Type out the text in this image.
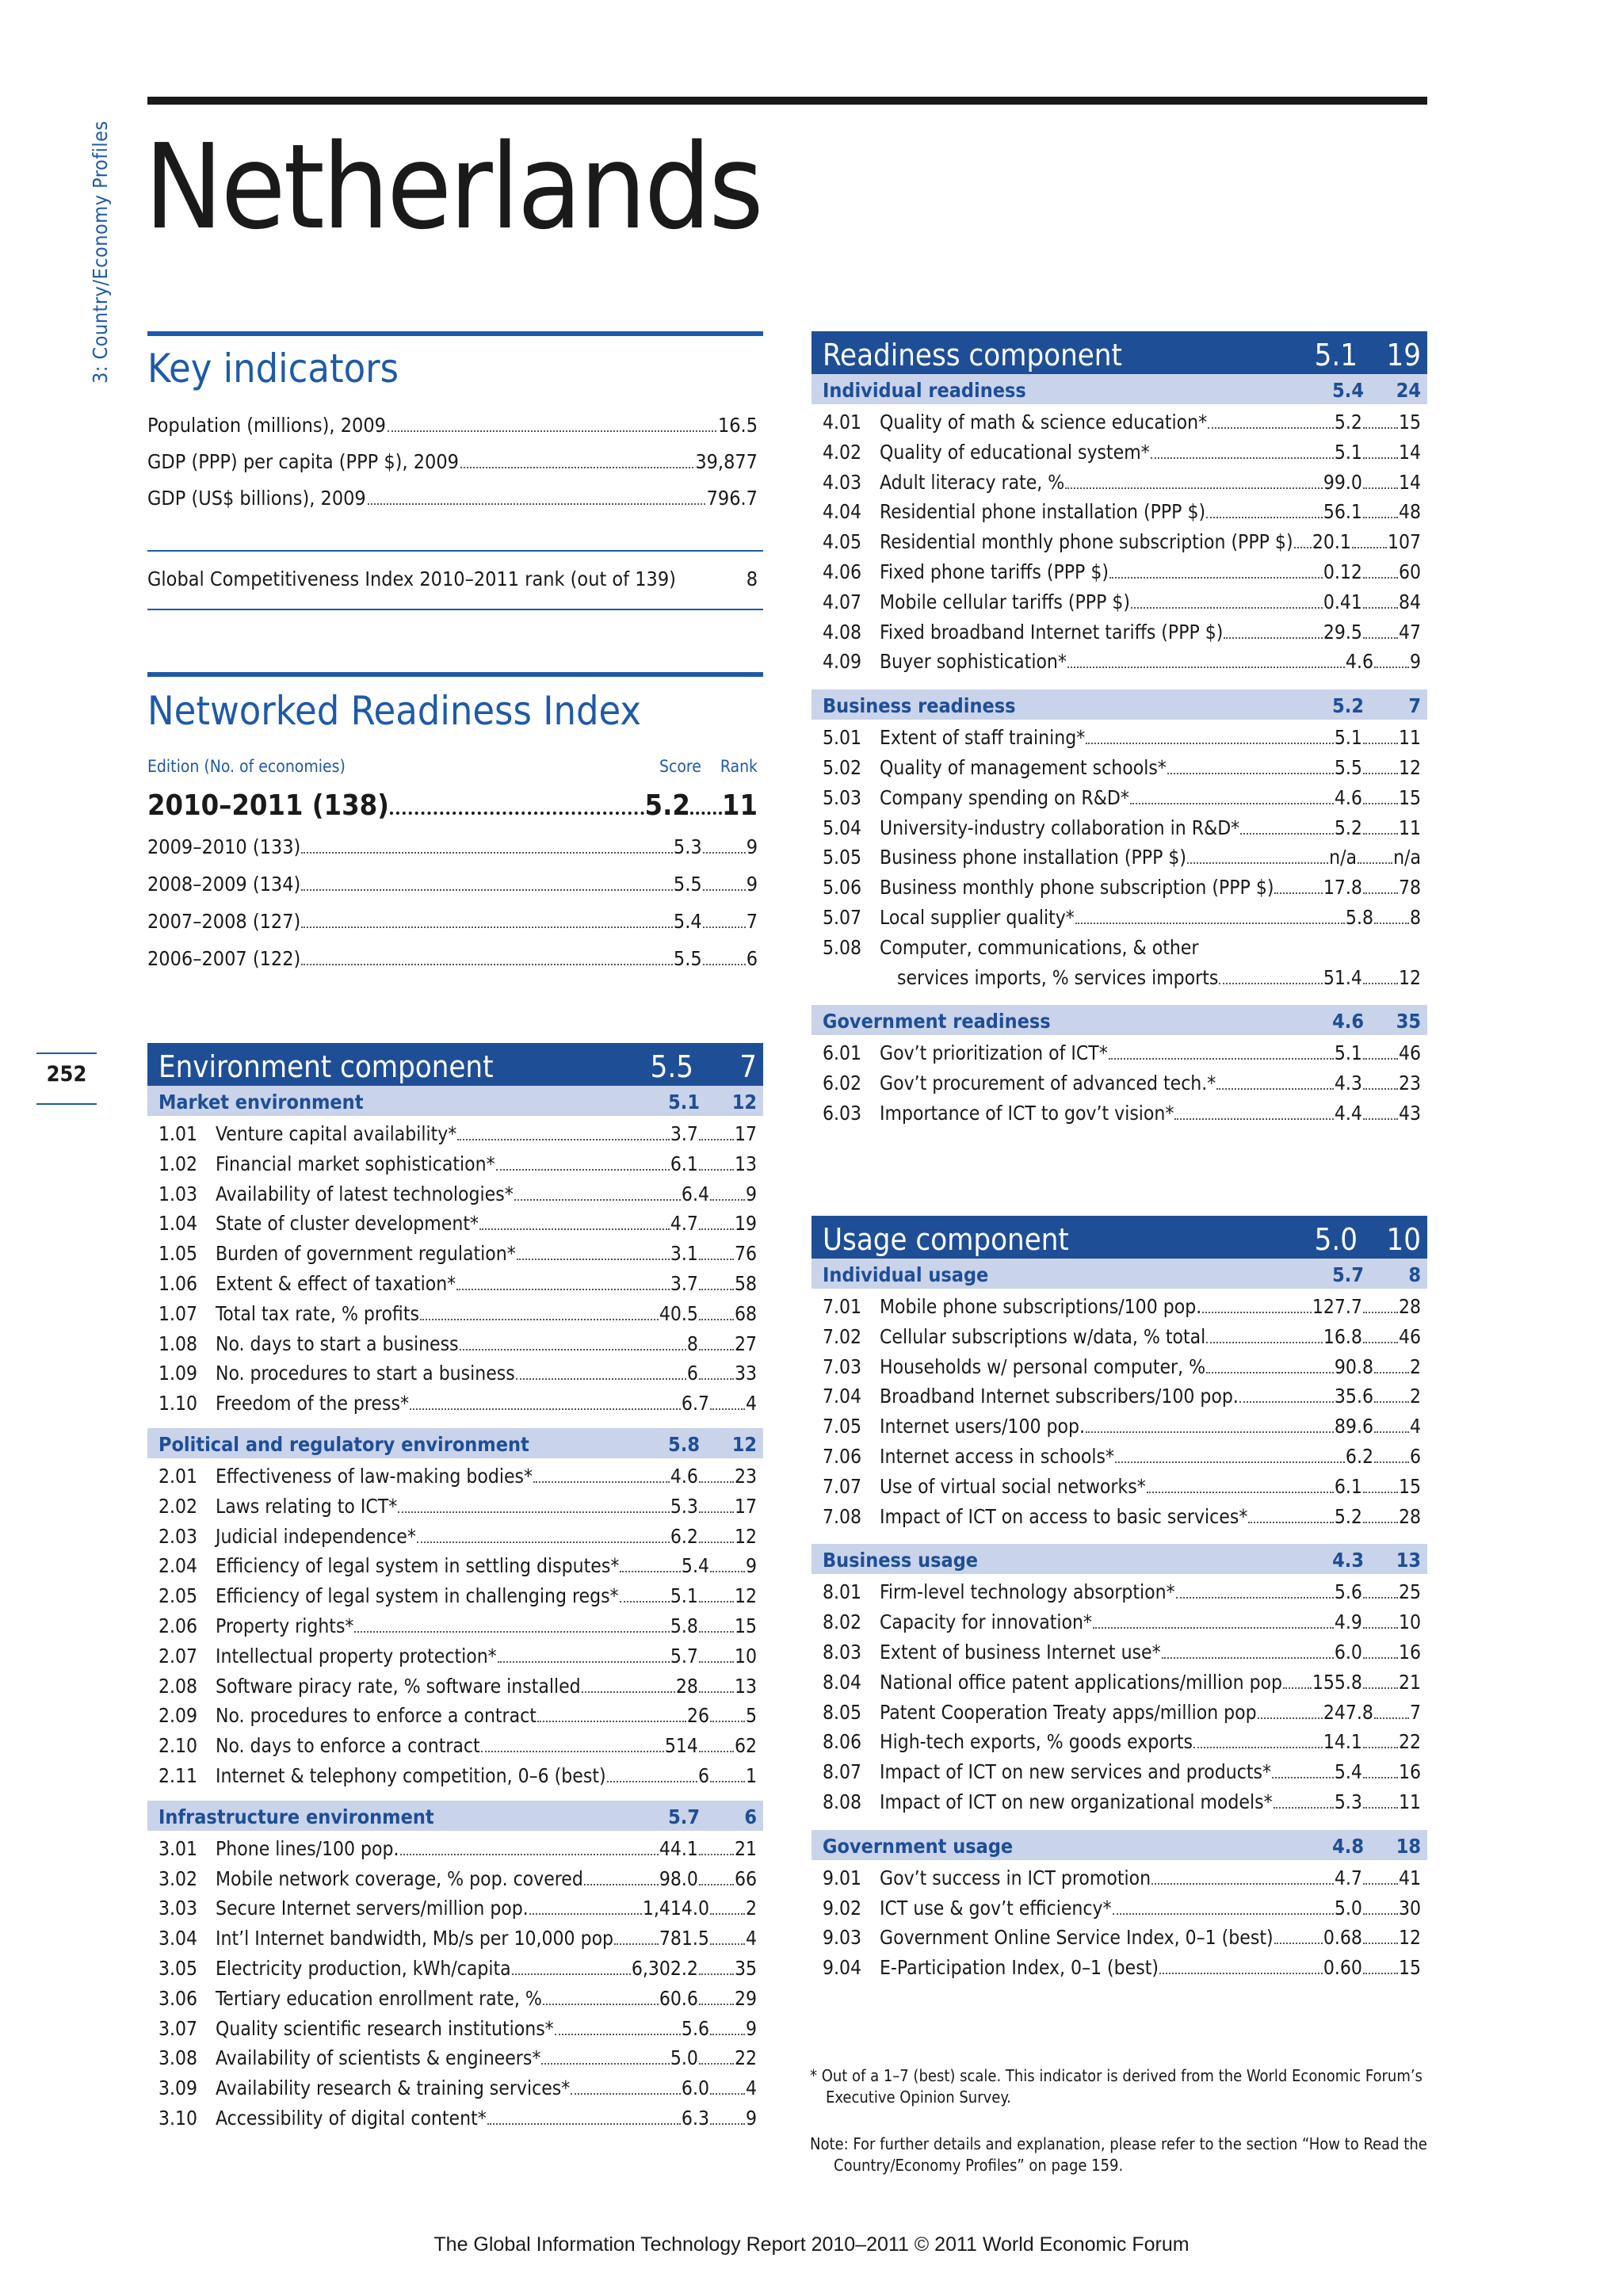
3: Country/Economy Profiles
252
Netherlands
Key indicators
Population (millions), 2009	16.5
GDP (PPP) per capita (PPP $), 2009	39,877
GDP (US$ billions), 2009	796.7
Global Competitiveness Index 2010–2011 rank (out of 139)	8
Networked Readiness Index
Edition (No. of economies)	Score Rank
2010–2011 (138)	5.2 11
2009–2010 (133)	5.3 9
2008–2009 (134)	5.5 9
2007–2008 (127)	5.4 7
2006–2007 (122)	5.5 6
Environment component	5.5 7
Market environment	5.1 12
1.01 Venture capital availability*	3.7 17
1.02 Financial market sophistication*	6.1 13
1.03 Availability of latest technologies*	6.4 9
1.04 State of cluster development*	4.7 19
1.05 Burden of government regulation*	3.1 76
1.06 Extent & effect of taxation*	3.7 58
1.07 Total tax rate, % profits	40.5 68
1.08 No. days to start a business	8 27
1.09 No. procedures to start a business	6 33
1.10 Freedom of the press*	6.7 4
Political and regulatory environment	5.8 12
2.01 Effectiveness of law-making bodies*	4.6 23
2.02 Laws relating to ICT*	5.3 17
2.03 Judicial independence*	6.2 12
2.04 Efficiency of legal system in settling disputes*	5.4 9
2.05 Efficiency of legal system in challenging regs*	5.1 12
2.06 Property rights*	5.8 15
2.07 Intellectual property protection*	5.7 10
2.08 Software piracy rate, % software installed	28 13
2.09 No. procedures to enforce a contract	26 5
2.10 No. days to enforce a contract	514 62
2.11 Internet & telephony competition, 0–6 (best)	6 1
Infrastructure environment	5.7 6
3.01 Phone lines/100 pop.	44.1 21
3.02 Mobile network coverage, % pop. covered	98.0 66
3.03 Secure Internet servers/million pop.	1,414.0 2
3.04 Int’l Internet bandwidth, Mb/s per 10,000 pop 781.5 4
3.05 Electricity production, kWh/capita	6,302.2 35
3.06 Tertiary education enrollment rate, %	60.6 29
3.07 Quality scientific research institutions*	5.6 9
3.08 Availability of scientists & engineers*	5.0 22
3.09 Availability research & training services*	6.0 4
3.10 Accessibility of digital content*	6.3 9
Readiness component	5.1 19
Individual readiness	5.4 24
4.01 Quality of math & science education*	5.2 15
4.02 Quality of educational system*	5.1 14
4.03 Adult literacy rate, %	99.0 14
4.04 Residential phone installation (PPP $)	56.1 48
4.05 Residential monthly phone subscription (PPP $) 20.1 107
4.06 Fixed phone tariffs (PPP $)	0.12 60
4.07 Mobile cellular tariffs (PPP $)	0.41 84
4.08 Fixed broadband Internet tariffs (PPP $)	29.5 47
4.09 Buyer sophistication*	4.6 9
Business readiness	5.2 7
5.01 Extent of staff training*	5.1 11
5.02 Quality of management schools*	5.5 12
5.03 Company spending on R&D*	4.6 15
5.04 University-industry collaboration in R&D*	5.2 11
5.05 Business phone installation (PPP $)	n/a n/a
5.06 Business monthly phone subscription (PPP $)	17.8 78
5.07 Local supplier quality*	5.8 8
5.08 Computer, communications, & other
services imports, % services imports	51.4 12
Government readiness	4.6 35
6.01 Gov’t prioritization of ICT*	5.1 46
6.02 Gov’t procurement of advanced tech.*	4.3 23
6.03 Importance of ICT to gov’t vision*	4.4 43
Usage component	5.0 10
Individual usage	5.7 8
7.01 Mobile phone subscriptions/100 pop.	127.7 28
7.02 Cellular subscriptions w/data, % total	16.8 46
7.03 Households w/ personal computer, %	90.8 2
7.04 Broadband Internet subscribers/100 pop.	35.6 2
7.05 Internet users/100 pop.	89.6 4
7.06 Internet access in schools*	6.2 6
7.07 Use of virtual social networks*	6.1 15
7.08 Impact of ICT on access to basic services*	5.2 28
Business usage	4.3 13
8.01 Firm-level technology absorption*	5.6 25
8.02 Capacity for innovation*	4.9 10
8.03 Extent of business Internet use*	6.0 16
8.04 National office patent applications/million pop 155.8 21
8.05 Patent Cooperation Treaty apps/million pop	247.8 7
8.06 High-tech exports, % goods exports	14.1 22
8.07 Impact of ICT on new services and products*	5.4 16
8.08 Impact of ICT on new organizational models*	5.3 11
Government usage	4.8 18
9.01 Gov’t success in ICT promotion	4.7 41
9.02 ICT use & gov’t efficiency*	5.0 30
9.03 Government Online Service Index, 0–1 (best)	0.68 12
9.04 E-Participation Index, 0–1 (best)	0.60 15
* Out of a 1–7 (best) scale. This indicator is derived from the World Economic Forum’s Executive Opinion Survey.
Note: For further details and explanation, please refer to the section “How to Read the Country/Economy Profiles” on page 159.
The Global Information Technology Report 2010–2011 © 2011 World Economic Forum
